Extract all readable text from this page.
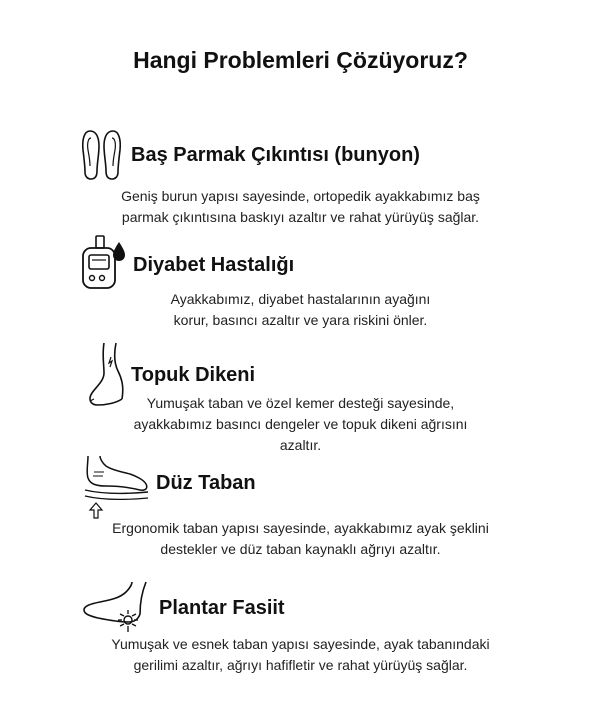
Hangi Problemleri Çözüyoruz?
Baş Parmak Çıkıntısı (bunyon)
Geniş burun yapısı sayesinde, ortopedik ayakkabımız baş
parmak çıkıntısına baskıyı azaltır ve rahat yürüyüş sağlar.
Diyabet Hastalığı
Ayakkabımız, diyabet hastalarının ayağını
korur, basıncı azaltır ve yara riskini önler.
Topuk Dikeni
Yumuşak taban ve özel kemer desteği sayesinde,
ayakkabımız basıncı dengeler ve topuk dikeni ağrısını
azaltır.
Düz Taban
Ergonomik taban yapısı sayesinde, ayakkabımız ayak şeklini
destekler ve düz taban kaynaklı ağrıyı azaltır.
Plantar Fasiit
Yumuşak ve esnek taban yapısı sayesinde, ayak tabanındaki
gerilimi azaltır, ağrıyı hafifletir ve rahat yürüyüş sağlar.
